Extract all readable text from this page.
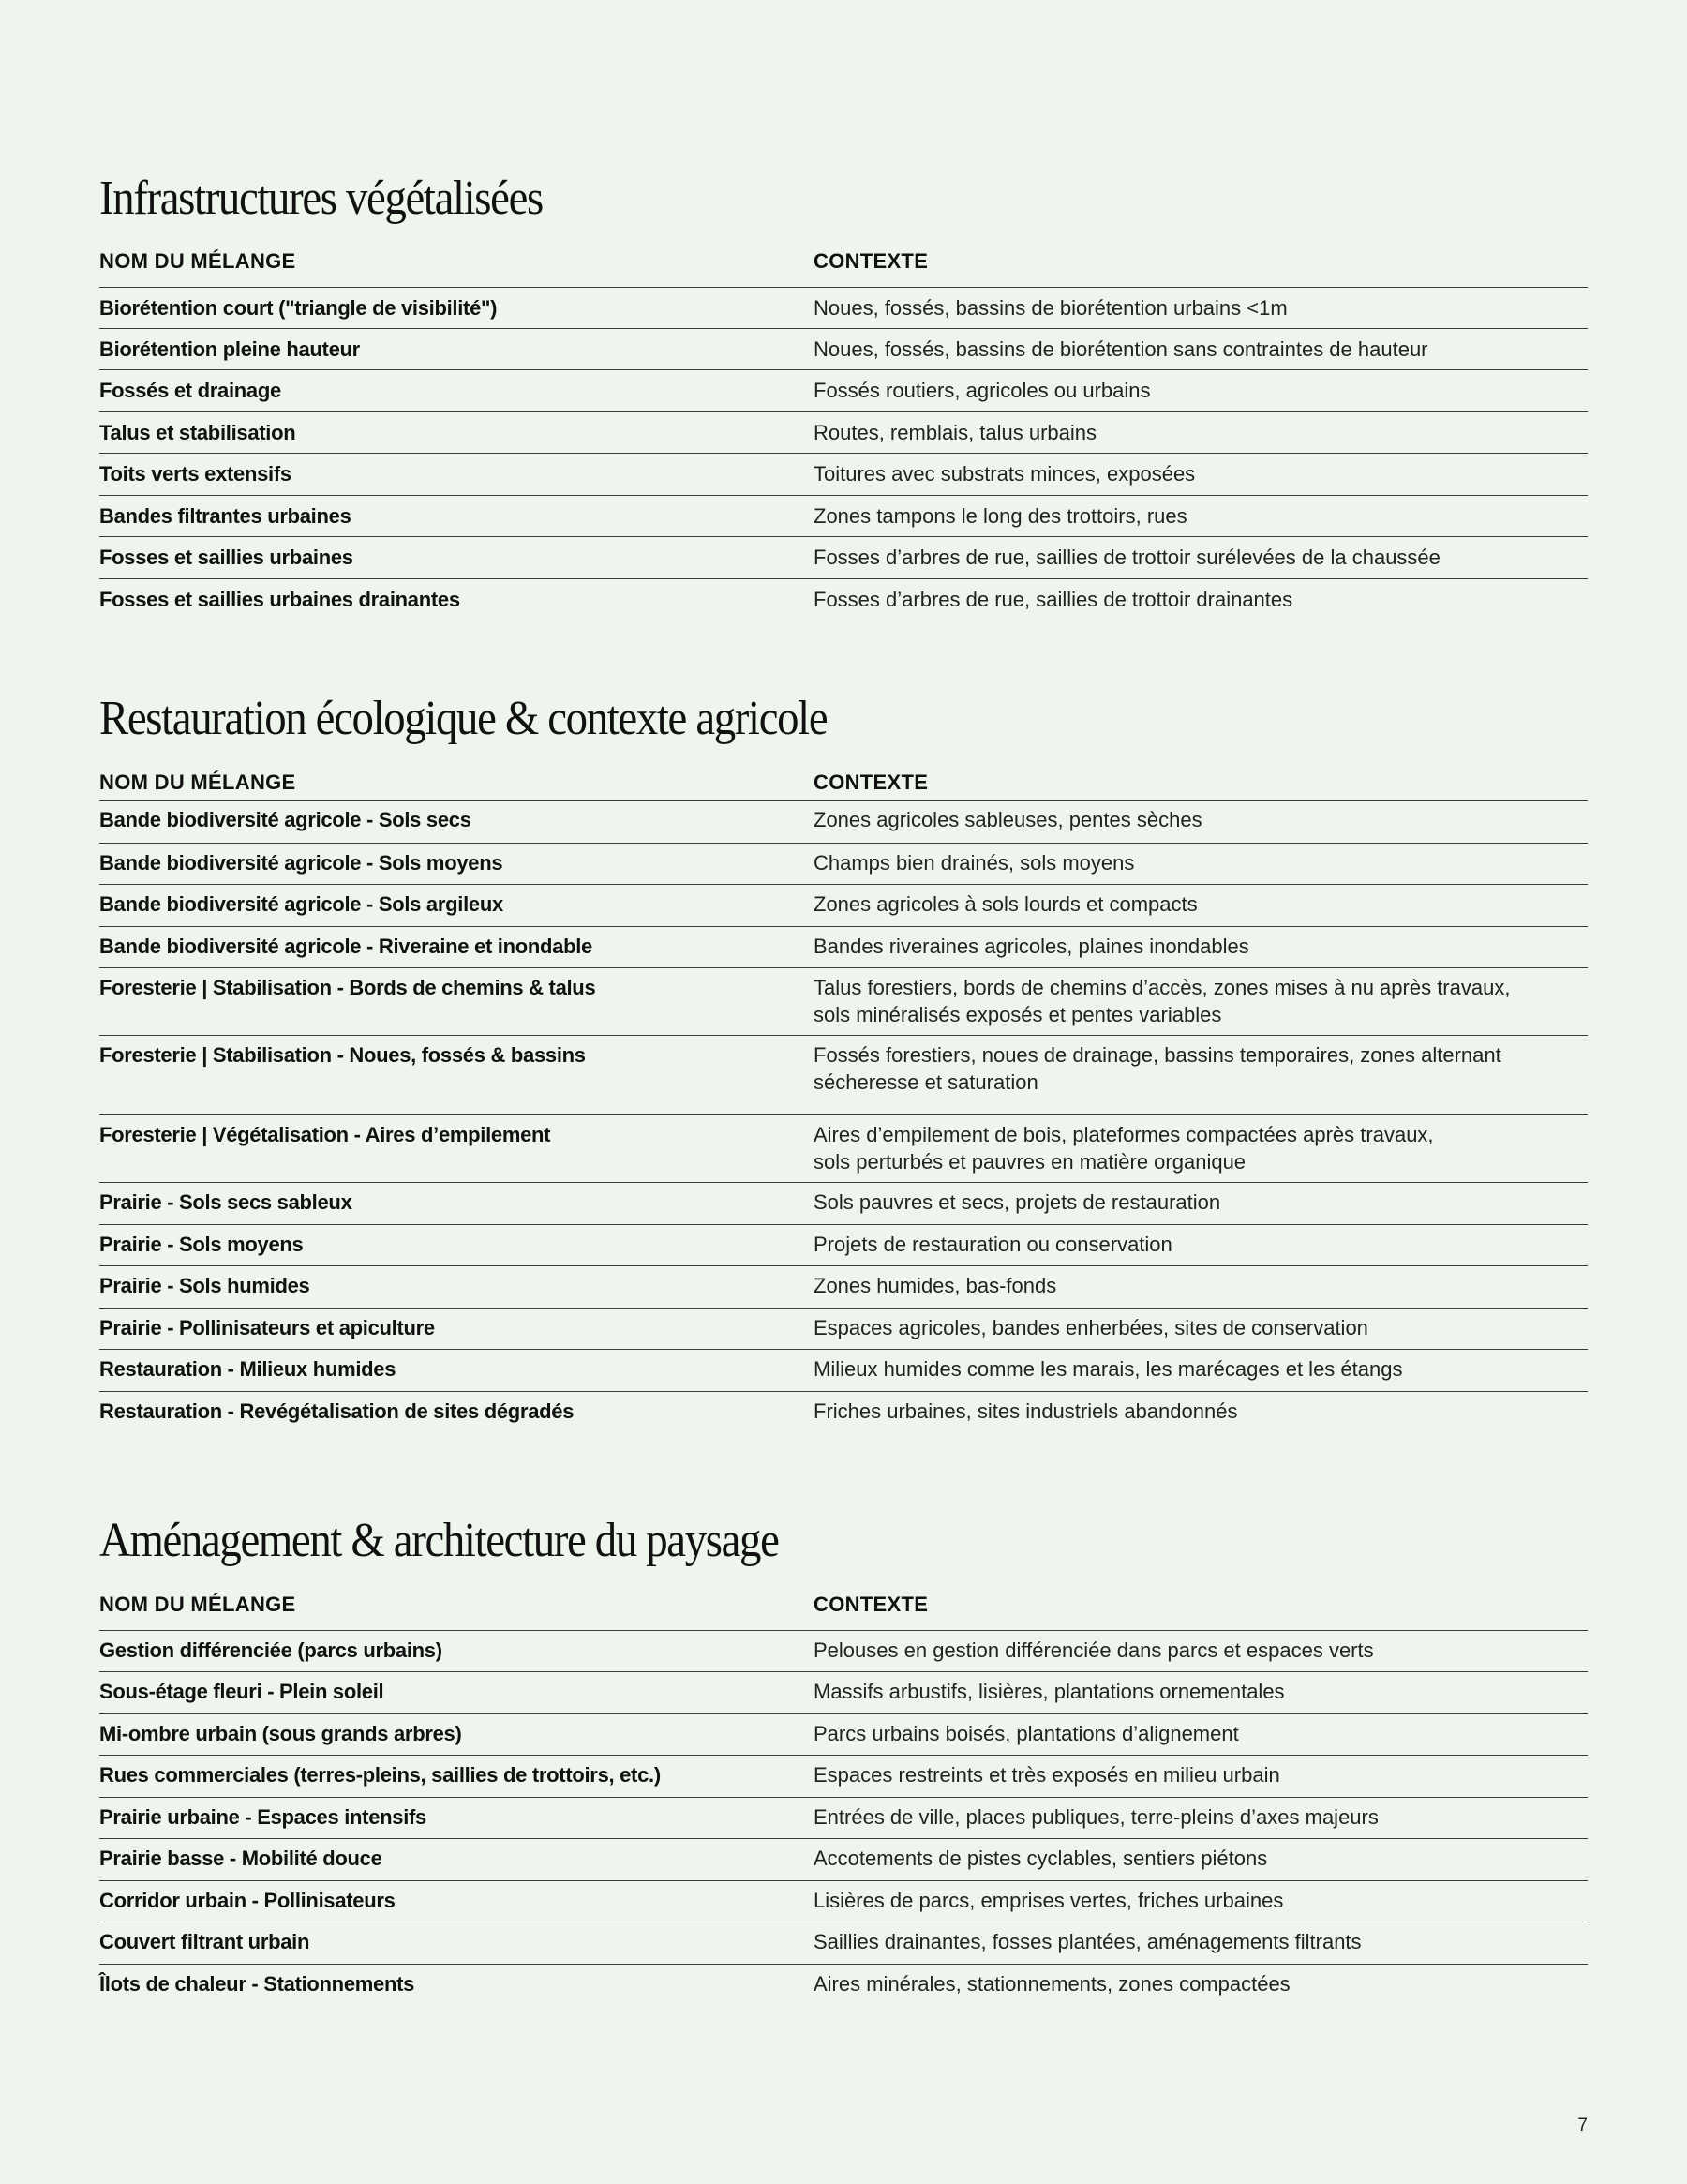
Infrastructures végétalisées
NOM DU MÉLANGE	CONTEXTE
Biorétention court ("triangle de visibilité")	Noues, fossés, bassins de biorétention urbains <1m
Biorétention pleine hauteur	Noues, fossés, bassins de biorétention sans contraintes de hauteur
Fossés et drainage	Fossés routiers, agricoles ou urbains
Talus et stabilisation	Routes, remblais, talus urbains
Toits verts extensifs	Toitures avec substrats minces, exposées
Bandes filtrantes urbaines	Zones tampons le long des trottoirs, rues
Fosses et saillies urbaines	Fosses d’arbres de rue, saillies de trottoir surélevées de la chaussée
Fosses et saillies urbaines drainantes	Fosses d’arbres de rue, saillies de trottoir drainantes
Restauration écologique & contexte agricole
NOM DU MÉLANGE	CONTEXTE
Bande biodiversité agricole - Sols secs	Zones agricoles sableuses, pentes sèches
Bande biodiversité agricole - Sols moyens	Champs bien drainés, sols moyens
Bande biodiversité agricole - Sols argileux	Zones agricoles à sols lourds et compacts
Bande biodiversité agricole - Riveraine et inondable	Bandes riveraines agricoles, plaines inondables
Foresterie | Stabilisation - Bords de chemins & talus	Talus forestiers, bords de chemins d’accès, zones mises à nu après travaux, sols minéralisés exposés et pentes variables
Foresterie | Stabilisation - Noues, fossés & bassins	Fossés forestiers, noues de drainage, bassins temporaires, zones alternant sécheresse et saturation
Foresterie | Végétalisation - Aires d’empilement	Aires d’empilement de bois, plateformes compactées après travaux, sols perturbés et pauvres en matière organique
Prairie - Sols secs sableux	Sols pauvres et secs, projets de restauration
Prairie - Sols moyens	Projets de restauration ou conservation
Prairie - Sols humides	Zones humides, bas-fonds
Prairie - Pollinisateurs et apiculture	Espaces agricoles, bandes enherbées, sites de conservation
Restauration - Milieux humides	Milieux humides comme les marais, les marécages et les étangs
Restauration - Revégétalisation de sites dégradés	Friches urbaines, sites industriels abandonnés
Aménagement & architecture du paysage
NOM DU MÉLANGE	CONTEXTE
Gestion différenciée (parcs urbains)	Pelouses en gestion différenciée dans parcs et espaces verts
Sous-étage fleuri - Plein soleil	Massifs arbustifs, lisières, plantations ornementales
Mi-ombre urbain (sous grands arbres)	Parcs urbains boisés, plantations d’alignement
Rues commerciales (terres-pleins, saillies de trottoirs, etc.)	Espaces restreints et très exposés en milieu urbain
Prairie urbaine - Espaces intensifs	Entrées de ville, places publiques, terre-pleins d’axes majeurs
Prairie basse - Mobilité douce	Accotements de pistes cyclables, sentiers piétons
Corridor urbain - Pollinisateurs	Lisières de parcs, emprises vertes, friches urbaines
Couvert filtrant urbain	Saillies drainantes, fosses plantées, aménagements filtrants
Îlots de chaleur - Stationnements	Aires minérales, stationnements, zones compactées
7
